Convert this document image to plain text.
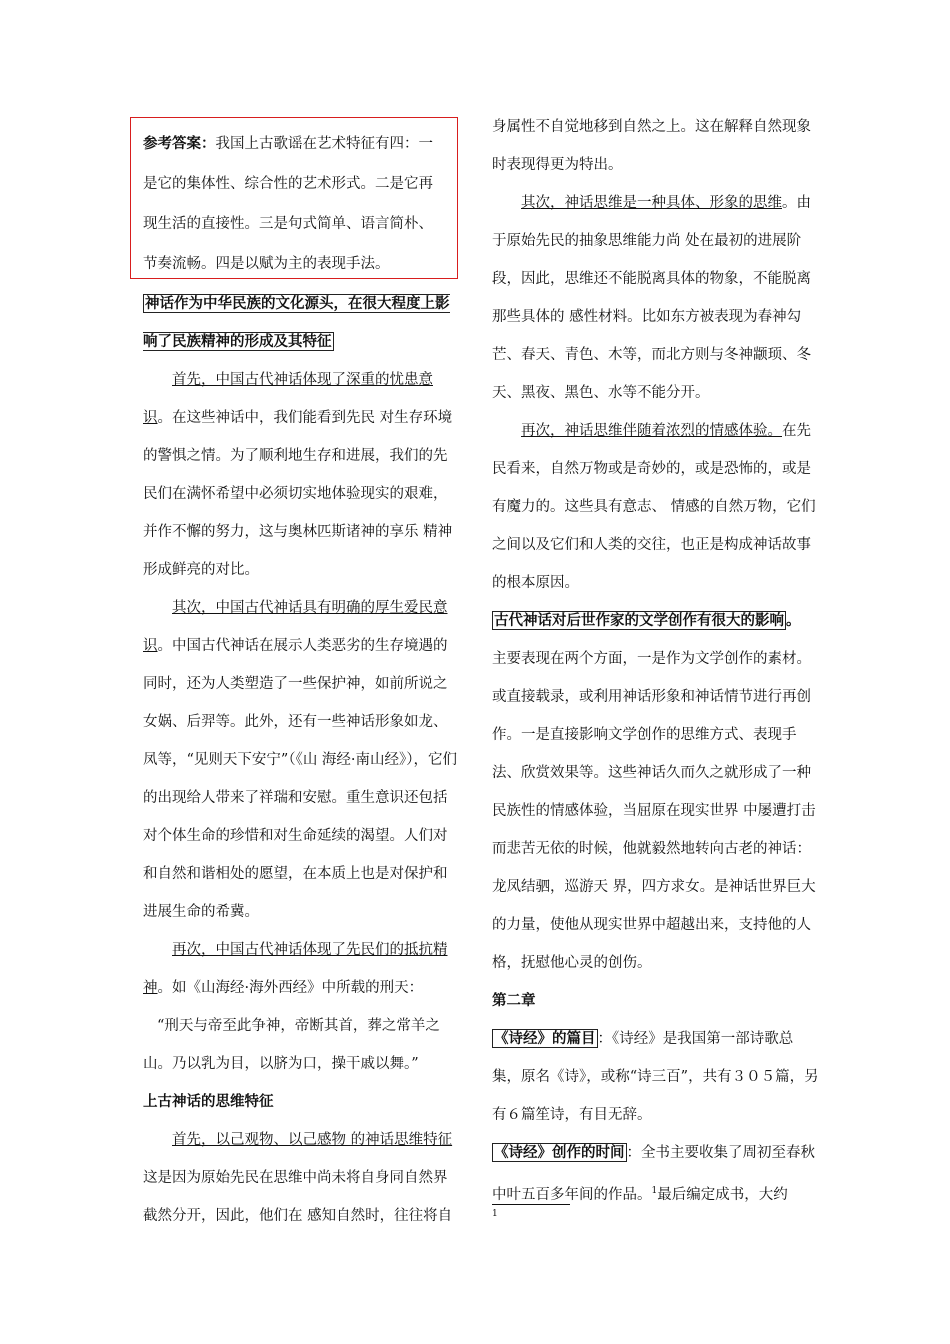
参考答案：我国上古歌谣在艺术特征有四：一是它的集体性、综合性的艺术形式。二是它再现生活的直接性。三是句式简单、语言简朴、节奏流畅。四是以赋为主的表现手法。

神话作为中华民族的文化源头，在很大程度上影响了民族精神的形成及其特征

首先，中国古代神话体现了深重的忧患意识。在这些神话中，我们能看到先民 对生存环境的警惧之情。为了顺利地生存和进展，我们的先民们在满怀希望中必须切实地体验现实的艰难，并作不懈的努力，这与奥林匹斯诸神的享乐 精神形成鲜亮的对比。

其次，中国古代神话具有明确的厚生爱民意识。中国古代神话在展示人类恶劣的生存境遇的同时，还为人类塑造了一些保护神，如前所说之女娲、后羿等。此外，还有一些神话形象如龙、凤等，“见则天下安宁”（《山 海经·南山经》），它们的出现给人带来了祥瑞和安慰。重生意识还包括对个体生命的珍惜和对生命延续的渴望。人们对和自然和谐相处的愿望，在本质上也是对保护和进展生命的希冀。

再次，中国古代神话体现了先民们的抵抗精神。如《山海经·海外西经》中所载的刑天：

“刑天与帝至此争神，帝断其首，葬之常羊之山。乃以乳为目，以脐为口，操干戚以舞。”

上古神话的思维特征

首先，以己观物、以己感物 的神话思维特征这是因为原始先民在思维中尚未将自身同自然界截然分开，因此，他们在 感知自然时，往往将自

身属性不自觉地移到自然之上。这在解释自然现象时表现得更为特出。

其次，神话思维是一种具体、形象的思维。由于原始先民的抽象思维能力尚 处在最初的进展阶段，因此，思维还不能脱离具体的物象，不能脱离那些具体的 感性材料。比如东方被表现为春神勾芒、春天、青色、木等，而北方则与冬神颛顼、冬天、黑夜、黑色、水等不能分开。

再次，神话思维伴随着浓烈的情感体验。在先民看来，自然万物或是奇妙的，或是恐怖的，或是有魔力的。这些具有意志、 情感的自然万物，它们之间以及它们和人类的交往，也正是构成神话故事的根本原因。

古代神话对后世作家的文学创作有很大的影响 。

主要表现在两个方面，一是作为文学创作的素材。或直接载录，或利用神话形象和神话情节进行再创作。一是直接影响文学创作的思维方式、表现手法、欣赏效果等。这些神话久而久之就形成了一种民族性的情感体验，当屈原在现实世界 中屡遭打击而悲苦无依的时候，他就毅然地转向古老的神话：龙凤结驷，巡游天 界，四方求女。是神话世界巨大的力量，使他从现实世界中超越出来，支持他的人格，抚慰他心灵的创伤。

第二章

《诗经》的篇目 ：《诗经》是我国第一部诗歌总集，原名《诗》，或称“诗三百”，共有３０５篇，另有６篇笙诗，有目无辞。

《诗经》创作的时间 ：全书主要收集了周初至春秋中叶五百多年间的作品。$^1$最后编定成书，大约

1
